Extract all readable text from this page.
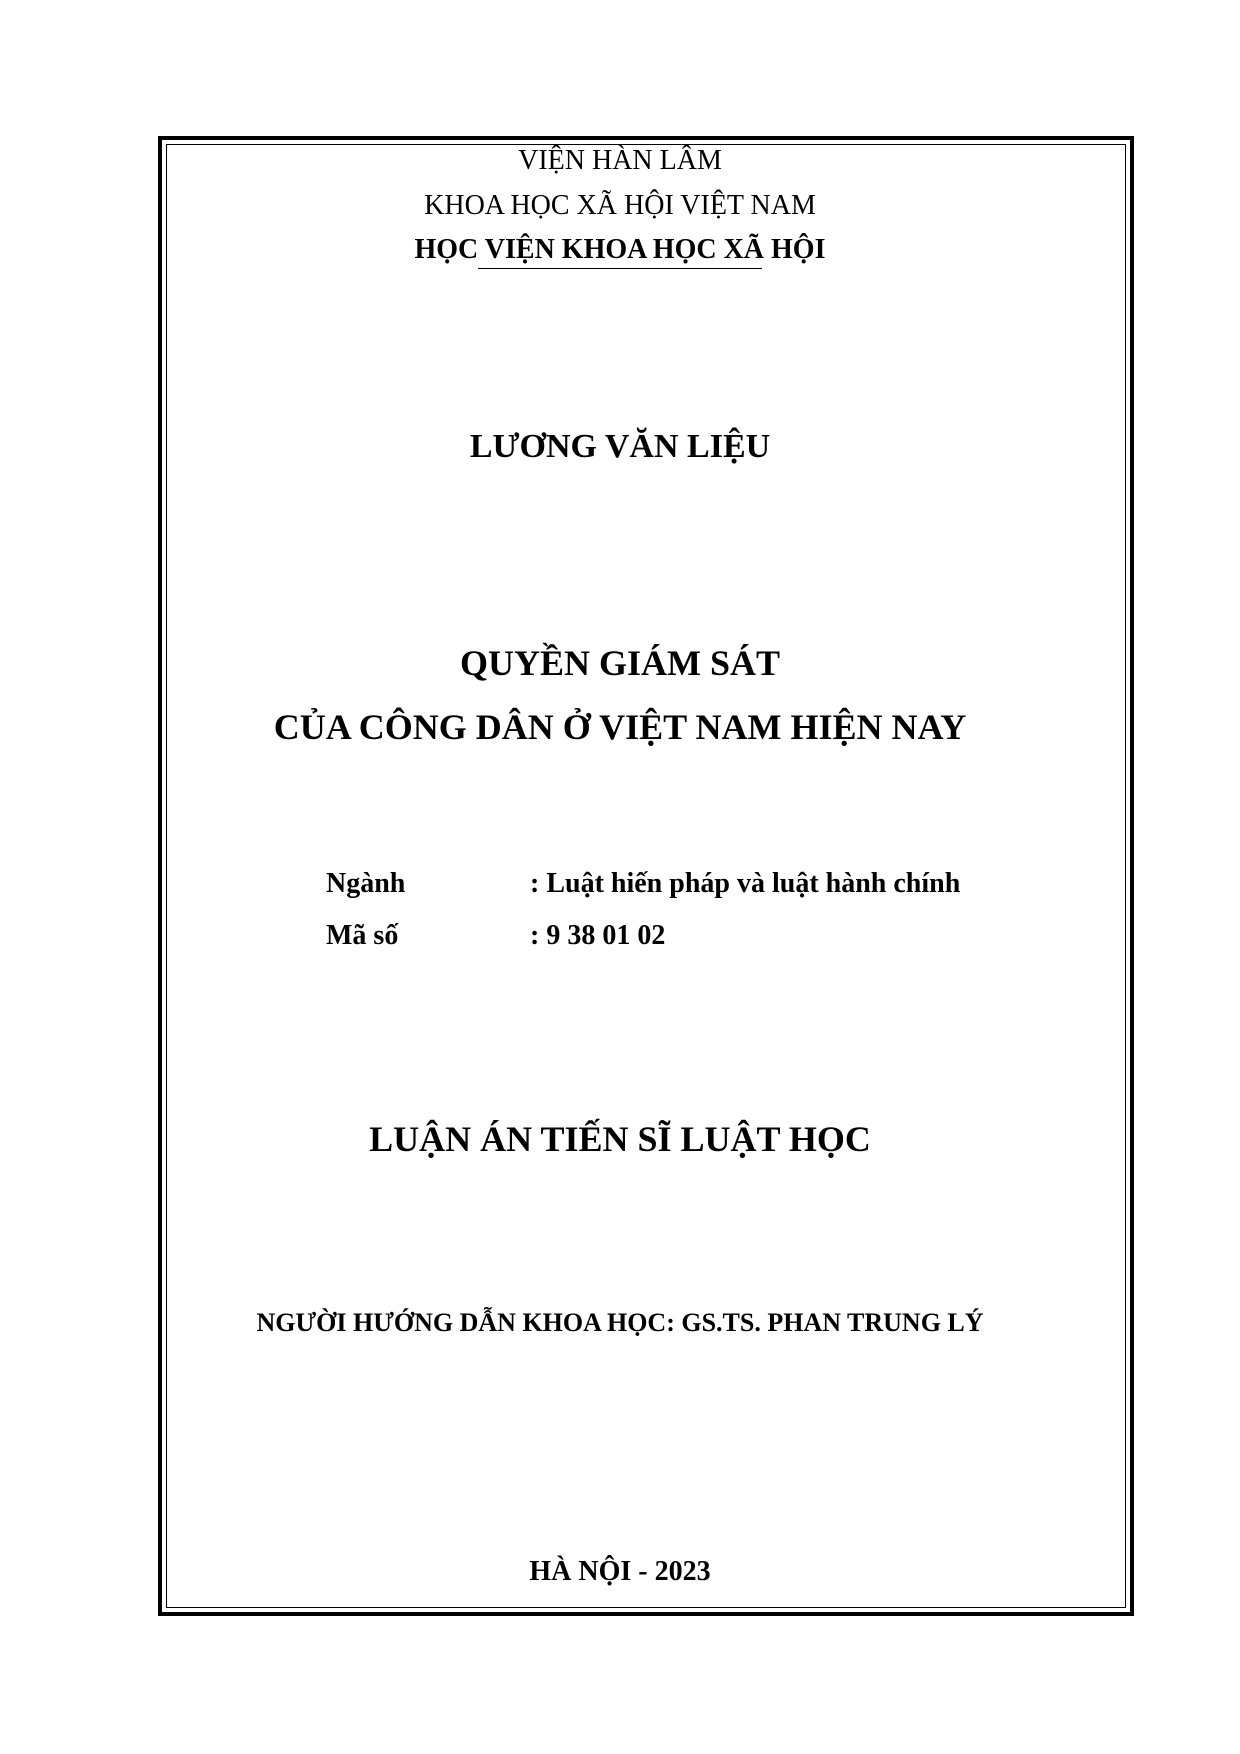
VIỆN HÀN LÂM
KHOA HỌC XÃ HỘI VIỆT NAM
HỌC VIỆN KHOA HỌC XÃ HỘI
LƯƠNG VĂN LIỆU
QUYỀN GIÁM SÁT
CỦA CÔNG DÂN Ở VIỆT NAM HIỆN NAY
Ngành	: Luật hiến pháp và luật hành chính
Mã số	: 9 38 01 02
LUẬN ÁN TIẾN SĨ LUẬT HỌC
NGƯỜI HƯỚNG DẪN KHOA HỌC: GS.TS. PHAN TRUNG LÝ
HÀ NỘI - 2023
